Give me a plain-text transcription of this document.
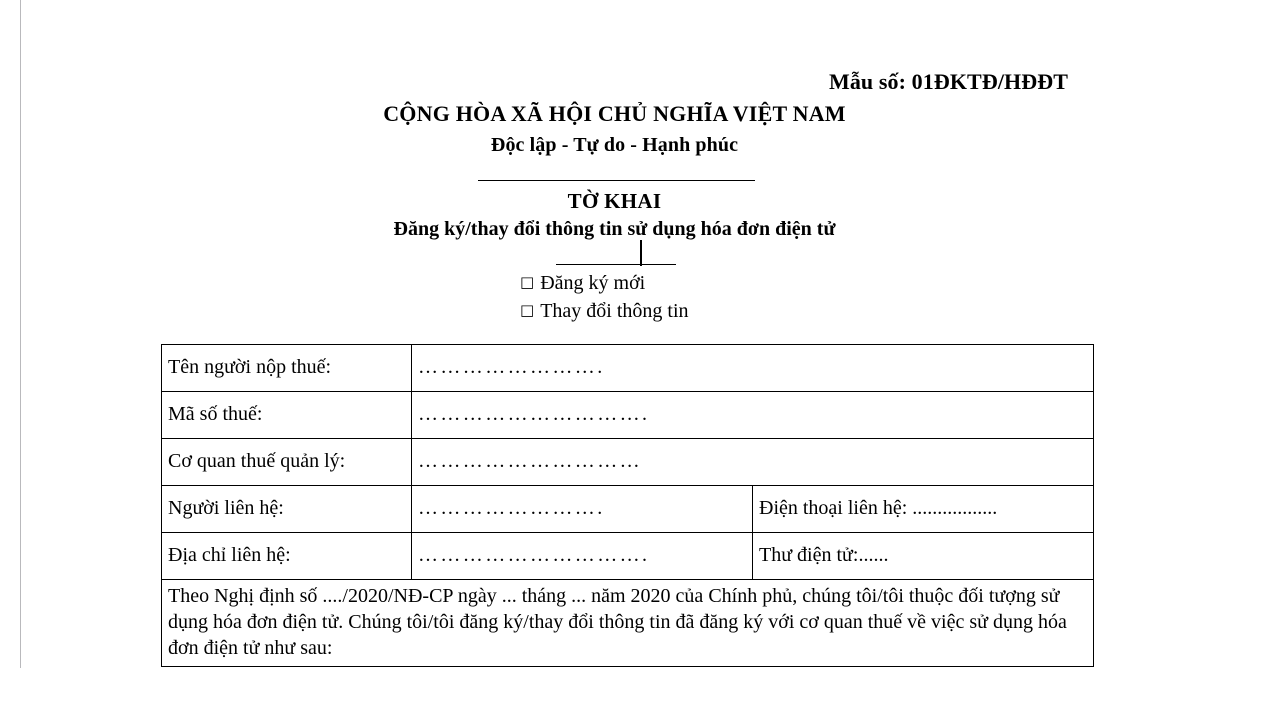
Mẫu số: 01ĐKTĐ/HĐĐT
CỘNG HÒA XÃ HỘI CHỦ NGHĨA VIỆT NAM
Độc lập - Tự do - Hạnh phúc
TỜ KHAI
Đăng ký/thay đổi thông tin sử dụng hóa đơn điện tử
□ Đăng ký mới
□ Thay đổi thông tin
Tên người nộp thuế:	…………………….	
Mã số thuế:	………………………….	
Cơ quan thuế quản lý:	…………………………	
Người liên hệ:	…………………….	Điện thoại liên hệ: .................
Địa chỉ liên hệ:	………………………….	Thư điện tử:......
Theo Nghị định số ..../2020/NĐ-CP ngày ... tháng ... năm 2020 của Chính phủ, chúng tôi/tôi thuộc đối tượng sử dụng hóa đơn điện tử. Chúng tôi/tôi đăng ký/thay đổi thông tin đã đăng ký với cơ quan thuế về việc sử dụng hóa đơn điện tử như sau:		
